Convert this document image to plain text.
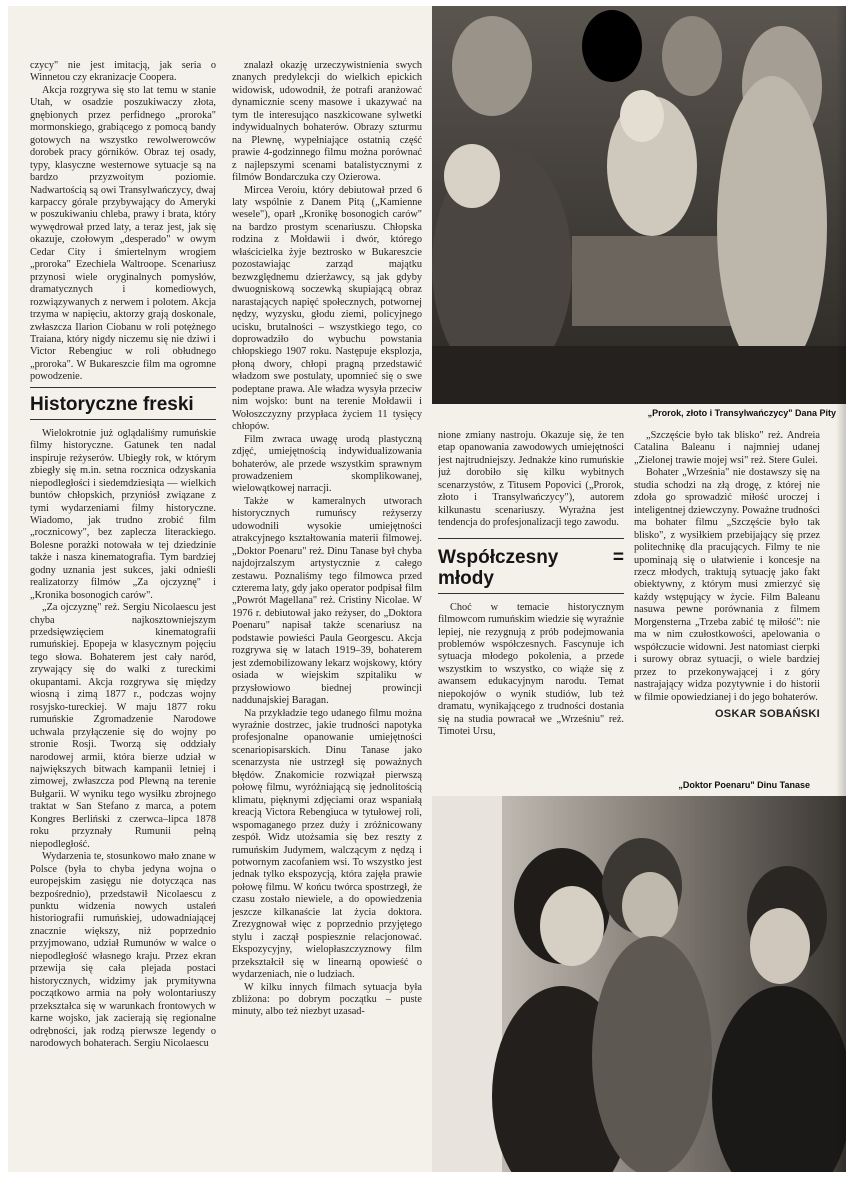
czycy" nie jest imitacją, jak seria o Winnetou czy ekranizacje Coopera.

Akcja rozgrywa się sto lat temu w stanie Utah, w osadzie poszukiwaczy złota, gnębionych przez perfidnego „proroka" mormonskiego, grabiącego z pomocą bandy gotowych na wszystko rewolwerowców dorobek pracy górników. Obraz tej osady, typy, klasyczne westernowe sytuacje są na bardzo przyzwoitym poziomie. Nadwartością są owi Transylwańczycy, dwaj karpaccy górale przybywający do Ameryki w poszukiwaniu chleba, prawy i brata, który wywędrował przed laty, a teraz jest, jak się okazuje, czołowym „desperado" w owym Cedar City i śmiertelnym wrogiem „proroka" Ezechiela Waltroope. Scenariusz przynosi wiele oryginalnych pomysłów, dramatycznych i komediowych, rozwiązywanych z nerwem i polotem. Akcja trzyma w napięciu, aktorzy grają doskonale, zwłaszcza Ilarion Ciobanu w roli potężnego Traiana, który nigdy niczemu się nie dziwi i Victor Rebengiuc w roli obłudnego „proroka". W Bukareszcie film ma ogromne powodzenie.

Historyczne freski

Wielokrotnie już oglądaliśmy rumuńskie filmy historyczne. Gatunek ten nadal inspiruje reżyserów. Ubiegły rok, w którym zbiegły się m.in. setna rocznica odzyskania niepodległości i siedemdziesiąta — wielkich buntów chłopskich, przyniósł związane z tymi wydarzeniami filmy historyczne. Wiadomo, jak trudno zrobić film „rocznicowy", bez zaplecza literackiego. Bolesne porażki notowała w tej dziedzinie także i nasza kinematografia. Tym bardziej godny uznania jest sukces, jaki odnieśli realizatorzy filmów „Za ojczyznę" i „Kronika bosonogich carów".

„Za ojczyznę" reż. Sergiu Nicolaescu jest chyba najkosztowniejszym przedsięwzięciem kinematografii rumuńskiej. Epopeja w klasycznym pojęciu tego słowa. Bohaterem jest cały naród, zrywający się do walki z tureckimi okupantami. Akcja rozgrywa się między wiosną i zimą 1877 r., podczas wojny rosyjsko-tureckiej. W maju 1877 roku rumuńskie Zgromadzenie Narodowe uchwala przyłączenie się do wojny po stronie Rosji. Tworzą się oddziały narodowej armii, która bierze udział w największych bitwach kampanii letniej i zimowej, zwłaszcza pod Plewną na terenie Bułgarii. W wyniku tego wysiłku zbrojnego traktat w San Stefano z marca, a potem Kongres Berliński z czerwca–lipca 1878 roku przyznały Rumunii pełną niepodległość.

Wydarzenia te, stosunkowo mało znane w Polsce (była to chyba jedyna wojna o europejskim zasięgu nie dotycząca nas bezpośrednio), przedstawił Nicolaescu z punktu widzenia nowych ustaleń historiografii rumuńskiej, udowadniającej znacznie większy, niż poprzednio przyjmowano, udział Rumunów w walce o niepodległość własnego kraju. Przez ekran przewija się cała plejada postaci historycznych, widzimy jak prymitywna początkowo armia na poły wolontariuszy przekształca się w warunkach frontowych w karne wojsko, jak zacierają się regionalne odrębności, jak rodzą pierwsze legendy o narodowych bohaterach. Sergiu Nicolaescu

znalazł okazję urzeczywistnienia swych znanych predylekcji do wielkich epickich widowisk, udowodnił, że potrafi aranżować dynamicznie sceny masowe i ukazywać na tym tle interesująco naszkicowane sylwetki indywidualnych bohaterów. Obrazy szturmu na Plewnę, wypełniające ostatnią część prawie 4-godzinnego filmu można porównać z najlepszymi scenami batalistycznymi z filmów Bondarczuka czy Ozierowa.

Mircea Veroiu, który debiutował przed 6 laty wspólnie z Danem Pitą („Kamienne wesele"), oparł „Kronikę bosonogich carów" na bardzo prostym scenariuszu. Chłopska rodzina z Mołdawii i dwór, którego właścicielka żyje beztrosko w Bukareszcie pozostawiając zarząd majątku bezwzględnemu dzierżawcy, są jak gdyby dwuogniskową soczewką skupiającą obraz narastających napięć społecznych, potwornej nędzy, wyzysku, głodu ziemi, policyjnego ucisku, brutalności – wszystkiego tego, co doprowadziło do wybuchu powstania chłopskiego 1907 roku. Następuje eksplozja, płoną dwory, chłopi pragną przedstawić władzom swe postulaty, upomnieć się o swe podeptane prawa. Ale władza wysyła przeciw nim wojsko: bunt na terenie Mołdawii i Wołoszczyzny przypłaca życiem 11 tysięcy chłopów.

Film zwraca uwagę urodą plastyczną zdjęć, umiejętnością indywidualizowania bohaterów, ale przede wszystkim sprawnym prowadzeniem skomplikowanej, wielowątkowej narracji.

Także w kameralnych utworach historycznych rumuńscy reżyserzy udowodnili wysokie umiejętności atrakcyjnego kształtowania materii filmowej. „Doktor Poenaru" reż. Dinu Tanase był chyba najdojrzalszym artystycznie z całego zestawu. Poznaliśmy tego filmowca przed czterema laty, gdy jako operator podpisał film „Powrót Magellana" reż. Cristiny Nicolae. W 1976 r. debiutował jako reżyser, do „Doktora Poenaru" napisał także scenariusz na podstawie powieści Paula Georgescu. Akcja rozgrywa się w latach 1919–39, bohaterem jest zdemobilizowany lekarz wojskowy, który osiada w wiejskim szpitaliku w przysłowiowo biednej prowincji naddunajskiej Baragan.

Na przykładzie tego udanego filmu można wyraźnie dostrzec, jakie trudności napotyka profesjonalne opanowanie umiejętności scenariopisarskich. Dinu Tanase jako scenarzysta nie ustrzegł się poważnych błędów. Znakomicie rozwiązał pierwszą połowę filmu, wyróżniającą się jednolitością klimatu, pięknymi zdjęciami oraz wspaniałą kreacją Victora Rebengiuca w tytułowej roli, wspomaganego przez duży i zróżnicowany zespół. Widz utożsamia się bez reszty z rumuńskim Judymem, walczącym z nędzą i potwornym zacofaniem wsi. To wszystko jest jednak tylko ekspozycją, która zajęła prawie połowę filmu. W końcu twórca spostrzegł, że czasu zostało niewiele, a do opowiedzenia jeszcze kilkanaście lat życia doktora. Zrezygnował więc z poprzednio przyjętego stylu i zaczął pospiesznie relacjonować. Ekspozycyjny, wielopłaszczyznowy film przekształcił się w linearną opowieść o wydarzeniach, nie o ludziach.

W kilku innych filmach sytuacja była zbliżona: po dobrym początku – puste minuty, albo też niezbyt uzasad-

„Prorok, złoto i Transylwańczycy" Dana Pity

nione zmiany nastroju. Okazuje się, że ten etap opanowania zawodowych umiejętności jest najtrudniejszy. Jednakże kino rumuńskie już dorobiło się kilku wybitnych scenarzystów, z Titusem Popovici („Prorok, złoto i Transylwańczycy"), autorem kilkunastu scenariuszy. Wyraźna jest tendencja do profesjonalizacji tego zawodu.

Współczesny = młody

Choć w temacie historycznym filmowcom rumuńskim wiedzie się wyraźnie lepiej, nie rezygnują z prób podejmowania problemów współczesnych. Fascynuje ich sytuacja młodego pokolenia, a przede wszystkim to wszystko, co wiąże się z awansem edukacyjnym narodu. Temat niepokojów o wynik studiów, lub też dramatu, wynikającego z trudności dostania się na studia powracał we „Wrześniu" reż. Timotei Ursu,

„Szczęście było tak blisko" reż. Andreia Catalina Baleanu i najmniej udanej „Zielonej trawie mojej wsi" reż. Stere Gulei.

Bohater „Września" nie dostawszy się na studia schodzi na złą drogę, z której nie zdoła go sprowadzić miłość uroczej i inteligentnej dziewczyny. Poważne trudności ma bohater filmu „Szczęście było tak blisko", z wysiłkiem przebijający się przez politechnikę dla pracujących. Filmy te nie upominają się o ułatwienie i koncesje na rzecz młodych, traktują sytuację jako fakt obiektywny, z którym musi zmierzyć się każdy wstępujący w życie. Film Baleanu nasuwa pewne porównania z filmem Morgensterna „Trzeba zabić tę miłość": nie ma w nim czułostkowości, apelowania o współczucie widowni. Jest natomiast cierpki i surowy obraz sytuacji, o wiele bardziej przez to przekonywającej i z góry nastrajający widza pozytywnie i do historii w filmie opowiedzianej i do jego bohaterów.

OSKAR SOBAŃSKI
„Doktor Poenaru" Dinu Tanase
